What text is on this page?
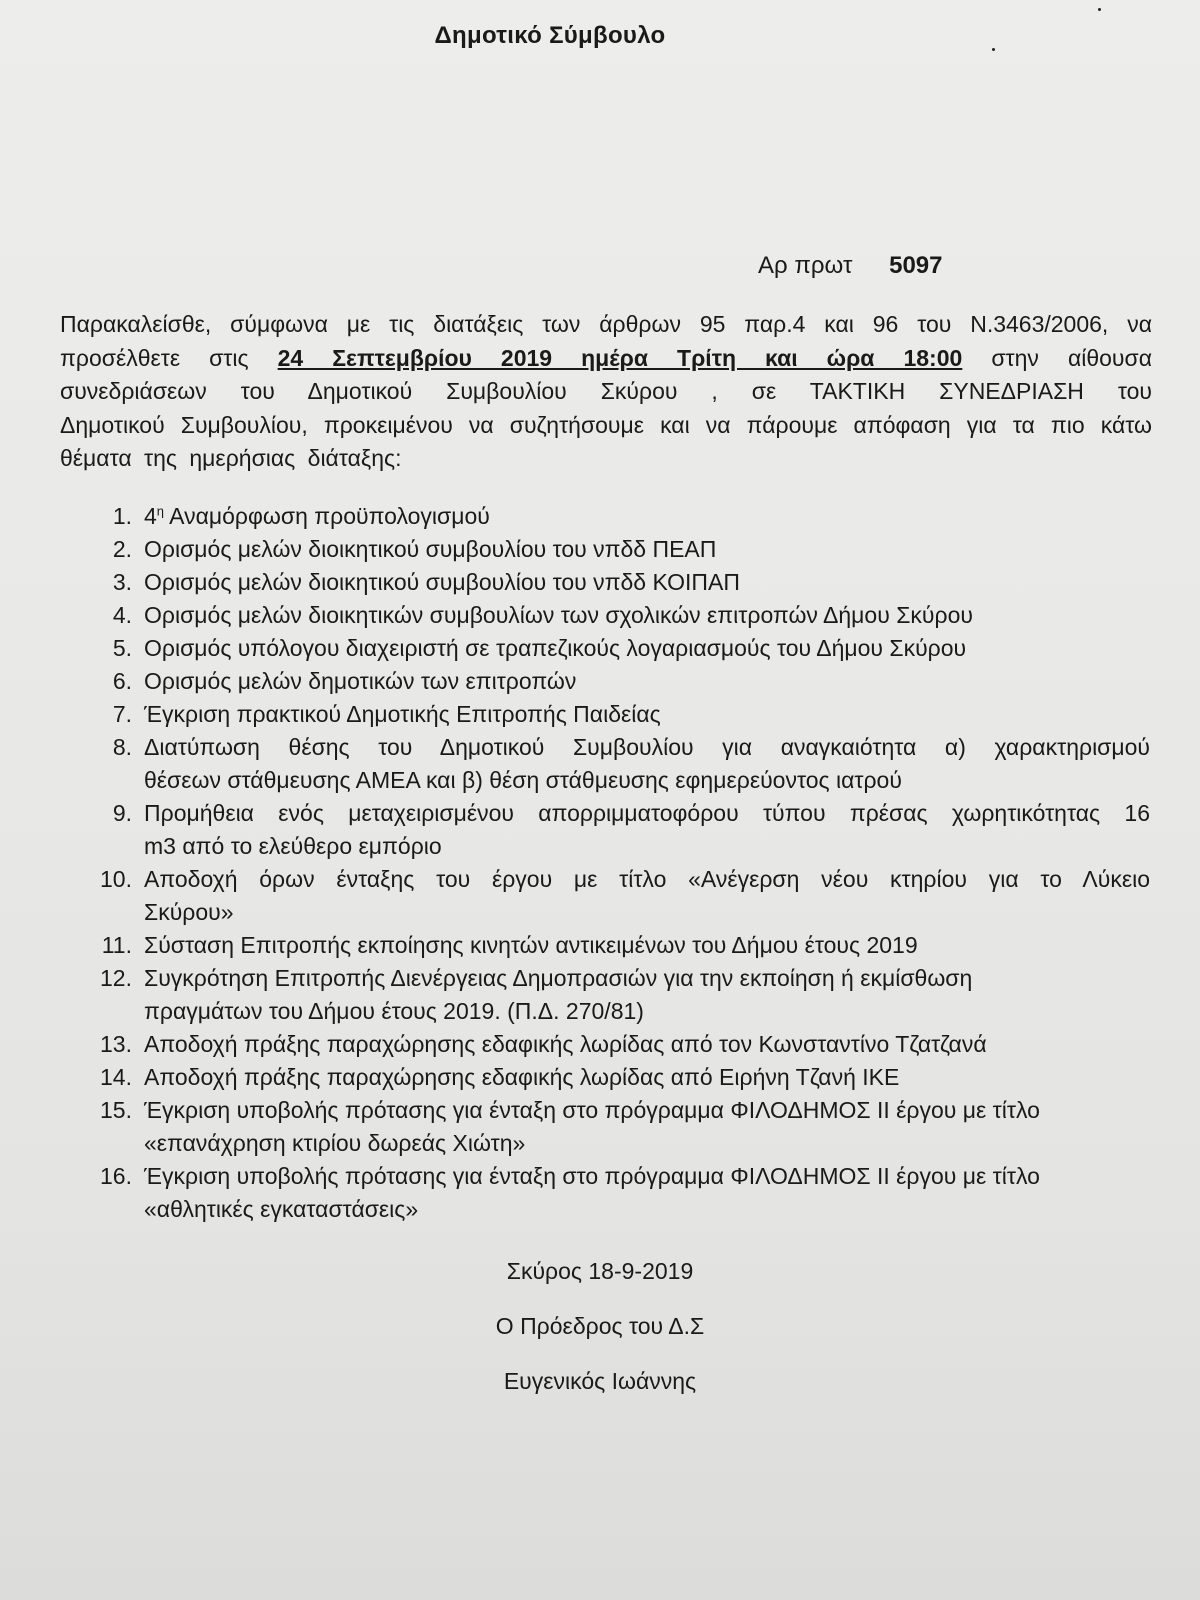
Δημοτικό Σύμβουλο
Αρ πρωτ 5097

Παρακαλείσθε, σύμφωνα με τις διατάξεις των άρθρων 95 παρ.4 και 96 του Ν.3463/2006, να

προσέλθετε στις 24 Σεπτεμβρίου 2019 ημέρα Τρίτη και ώρα 18:00 στην αίθουσα

συνεδριάσεων του Δημοτικού Συμβουλίου Σκύρου , σε ΤΑΚΤΙΚΗ ΣΥΝΕΔΡΙΑΣΗ του

Δημοτικού Συμβουλίου, προκειμένου να συζητήσουμε και να πάρουμε απόφαση για τα πιο κάτω

θέματα της ημερήσιας διάταξης:

1. $4^\eta$ Αναμόρφωση προϋπολογισμού
2. Ορισμός μελών διοικητικού συμβουλίου του νπδδ ΠΕΑΠ
3. Ορισμός μελών διοικητικού συμβουλίου του νπδδ ΚΟΙΠΑΠ
4. Ορισμός μελών διοικητικών συμβουλίων των σχολικών επιτροπών Δήμου Σκύρου
5. Ορισμός υπόλογου διαχειριστή σε τραπεζικούς λογαριασμούς του Δήμου Σκύρου
6. Ορισμός μελών δημοτικών των επιτροπών
7. Έγκριση πρακτικού Δημοτικής Επιτροπής Παιδείας
8. Διατύπωση θέσης του Δημοτικού Συμβουλίου για αναγκαιότητα α) χαρακτηρισμού
θέσεων στάθμευσης ΑΜΕΑ και β) θέση στάθμευσης εφημερεύοντος ιατρού
9. Προμήθεια ενός μεταχειρισμένου απορριμματοφόρου τύπου πρέσας χωρητικότητας 16
m3 από το ελεύθερο εμπόριο
10. Αποδοχή όρων ένταξης του έργου με τίτλο «Ανέγερση νέου κτηρίου για το Λύκειο
Σκύρου»
11. Σύσταση Επιτροπής εκποίησης κινητών αντικειμένων του Δήμου έτους 2019
12. Συγκρότηση Επιτροπής Διενέργειας Δημοπρασιών για την εκποίηση ή εκμίσθωση
πραγμάτων του Δήμου έτους 2019. (Π.Δ. 270/81)
13. Αποδοχή πράξης παραχώρησης εδαφικής λωρίδας από τον Κωνσταντίνο Τζατζανά
14. Αποδοχή πράξης παραχώρησης εδαφικής λωρίδας από Ειρήνη Τζανή ΙΚΕ
15. Έγκριση υποβολής πρότασης για ένταξη στο πρόγραμμα ΦΙΛΟΔΗΜΟΣ ΙΙ έργου με τίτλο
«επανάχρηση κτιρίου δωρεάς Χιώτη»
16. Έγκριση υποβολής πρότασης για ένταξη στο πρόγραμμα ΦΙΛΟΔΗΜΟΣ ΙΙ έργου με τίτλο
«αθλητικές εγκαταστάσεις»
Σκύρος 18-9-2019
Ο Πρόεδρος του Δ.Σ
Ευγενικός Ιωάννης
